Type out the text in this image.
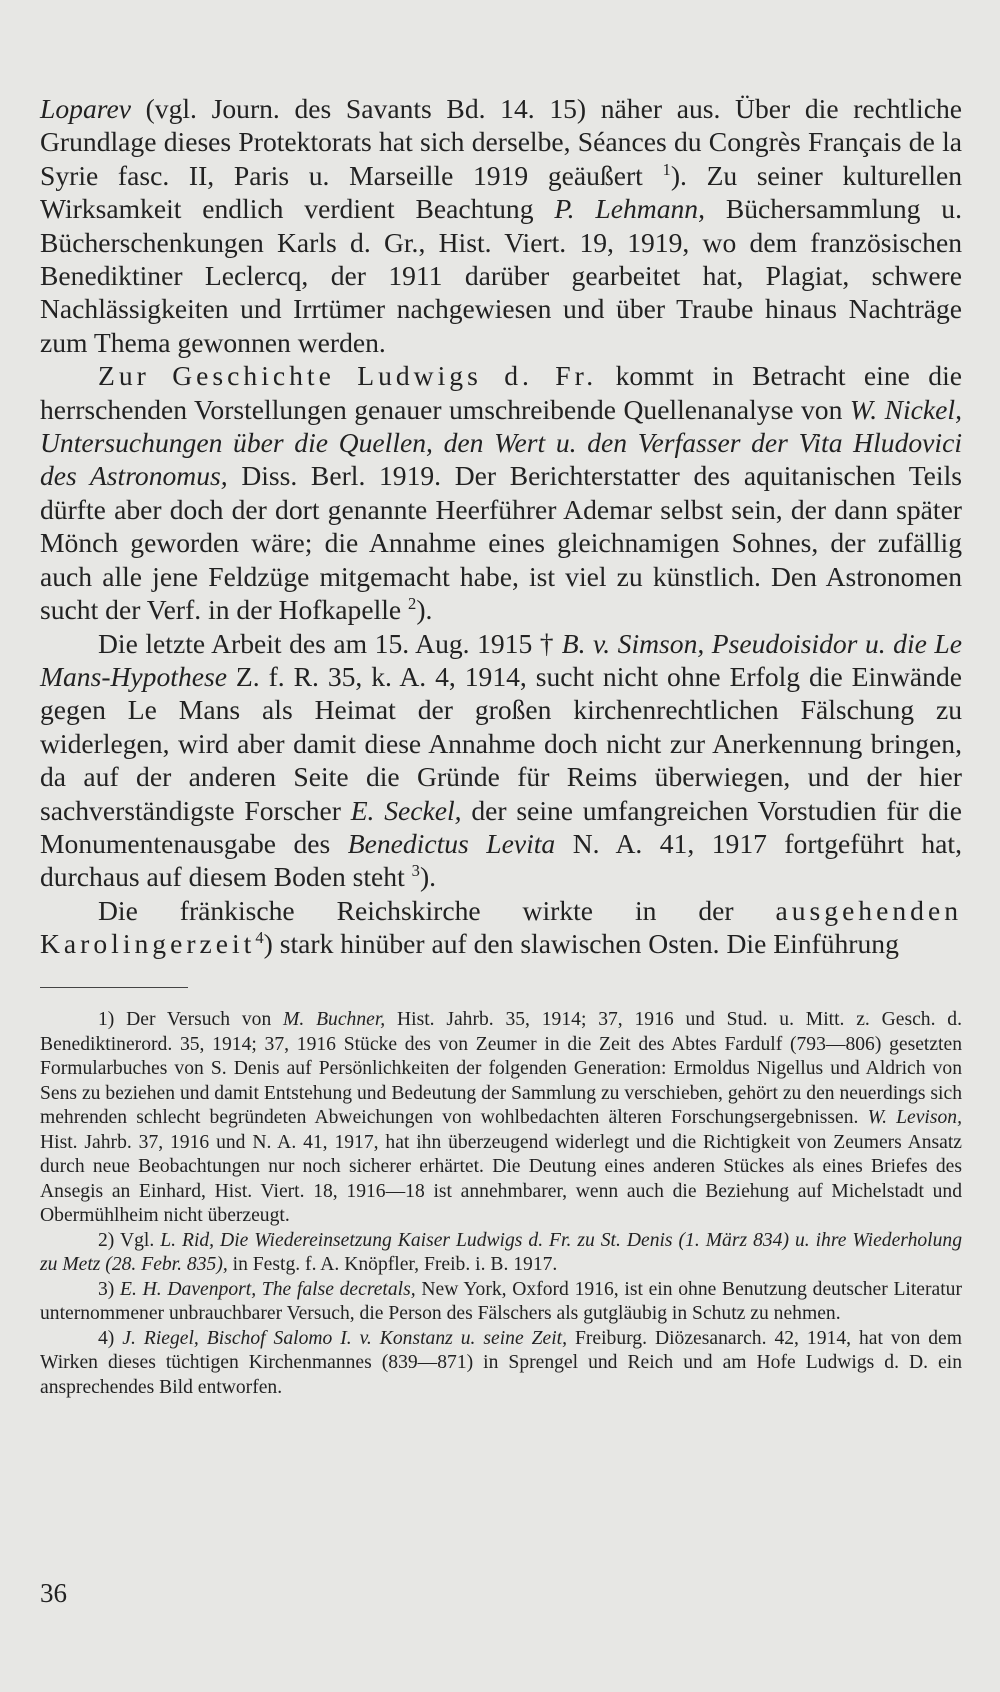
Loparev (vgl. Journ. des Savants Bd. 14. 15) näher aus. Über die rechtliche Grundlage dieses Protektorats hat sich derselbe, Séances du Congrès Français de la Syrie fasc. II, Paris u. Marseille 1919 geäußert $^1$). Zu seiner kulturellen Wirksamkeit endlich verdient Beachtung P. Lehmann, Büchersammlung u. Bücherschenkungen Karls d. Gr., Hist. Viert. 19, 1919, wo dem französischen Benediktiner Leclercq, der 1911 darüber gearbeitet hat, Plagiat, schwere Nachlässigkeiten und Irrtümer nachgewiesen und über Traube hinaus Nachträge zum Thema gewonnen werden.

Zur Geschichte Ludwigs d. Fr. kommt in Betracht eine die herrschenden Vorstellungen genauer umschreibende Quellenanalyse von W. Nickel, Untersuchungen über die Quellen, den Wert u. den Verfasser der Vita Hludovici des Astronomus, Diss. Berl. 1919. Der Berichterstatter des aquitanischen Teils dürfte aber doch der dort genannte Heerführer Ademar selbst sein, der dann später Mönch geworden wäre; die Annahme eines gleichnamigen Sohnes, der zufällig auch alle jene Feldzüge mitgemacht habe, ist viel zu künstlich. Den Astronomen sucht der Verf. in der Hofkapelle $^2$).

Die letzte Arbeit des am 15. Aug. 1915 † B. v. Simson, Pseudoisidor u. die Le Mans-Hypothese Z. f. R. 35, k. A. 4, 1914, sucht nicht ohne Erfolg die Einwände gegen Le Mans als Heimat der großen kirchenrechtlichen Fälschung zu widerlegen, wird aber damit diese Annahme doch nicht zur Anerkennung bringen, da auf der anderen Seite die Gründe für Reims überwiegen, und der hier sachverständigste Forscher E. Seckel, der seine umfangreichen Vorstudien für die Monumentenausgabe des Benedictus Levita N. A. 41, 1917 fortgeführt hat, durchaus auf diesem Boden steht $^3$).

Die fränkische Reichskirche wirkte in der ausgehenden Karolingerzeit$^4$) stark hinüber auf den slawischen Osten. Die Einführung

1) Der Versuch von M. Buchner, Hist. Jahrb. 35, 1914; 37, 1916 und Stud. u. Mitt. z. Gesch. d. Benediktinerord. 35, 1914; 37, 1916 Stücke des von Zeumer in die Zeit des Abtes Fardulf (793—806) gesetzten Formularbuches von S. Denis auf Persönlichkeiten der folgenden Generation: Ermoldus Nigellus und Aldrich von Sens zu beziehen und damit Entstehung und Bedeutung der Sammlung zu verschieben, gehört zu den neuerdings sich mehrenden schlecht begründeten Abweichungen von wohlbedachten älteren Forschungsergebnissen. W. Levison, Hist. Jahrb. 37, 1916 und N. A. 41, 1917, hat ihn überzeugend widerlegt und die Richtigkeit von Zeumers Ansatz durch neue Beobachtungen nur noch sicherer erhärtet. Die Deutung eines anderen Stückes als eines Briefes des Ansegis an Einhard, Hist. Viert. 18, 1916—18 ist annehmbarer, wenn auch die Beziehung auf Michelstadt und Obermühlheim nicht überzeugt.

2) Vgl. L. Rid, Die Wiedereinsetzung Kaiser Ludwigs d. Fr. zu St. Denis (1. März 834) u. ihre Wiederholung zu Metz (28. Febr. 835), in Festg. f. A. Knöpfler, Freib. i. B. 1917.

3) E. H. Davenport, The false decretals, New York, Oxford 1916, ist ein ohne Benutzung deutscher Literatur unternommener unbrauchbarer Versuch, die Person des Fälschers als gutgläubig in Schutz zu nehmen.

4) J. Riegel, Bischof Salomo I. v. Konstanz u. seine Zeit, Freiburg. Diözesanarch. 42, 1914, hat von dem Wirken dieses tüchtigen Kirchenmannes (839—871) in Sprengel und Reich und am Hofe Ludwigs d. D. ein ansprechendes Bild entworfen.

36
